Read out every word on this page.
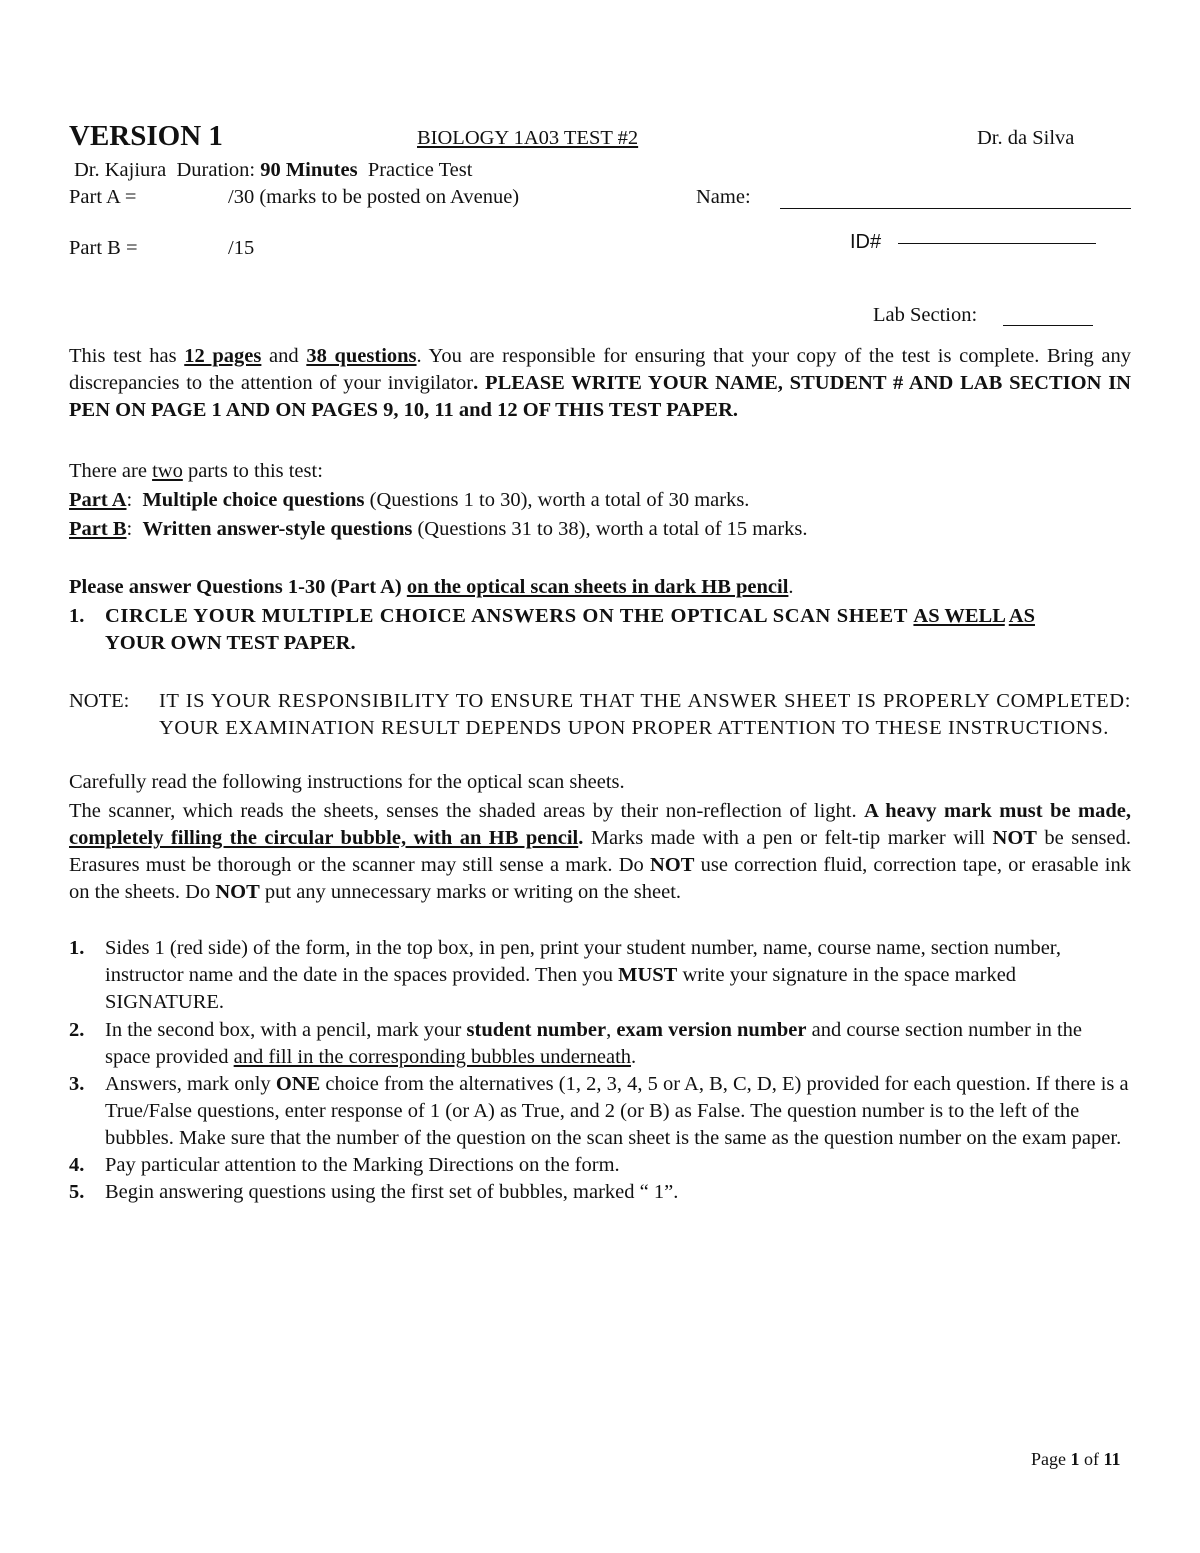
VERSION 1	BIOLOGY 1A03 TEST #2	Dr. da Silva
Dr. Kajiura Duration: 90 Minutes Practice Test
Part A =	/30 (marks to be posted on Avenue)	Name:
Part B =	/15	ID#
Lab Section:
This test has 12 pages and 38 questions. You are responsible for ensuring that your copy of the test is complete. Bring any discrepancies to the attention of your invigilator. PLEASE WRITE YOUR NAME, STUDENT # AND LAB SECTION IN PEN ON PAGE 1 AND ON PAGES 9, 10, 11 and 12 OF THIS TEST PAPER.
There are two parts to this test:
Part A:  Multiple choice questions (Questions 1 to 30), worth a total of 30 marks.
Part B:  Written answer-style questions (Questions 31 to 38), worth a total of 15 marks.
Please answer Questions 1-30 (Part A) on the optical scan sheets in dark HB pencil.
1. CIRCLE YOUR MULTIPLE CHOICE ANSWERS ON THE OPTICAL SCAN SHEET AS WELL AS
YOUR OWN TEST PAPER.
NOTE:	IT IS YOUR RESPONSIBILITY TO ENSURE THAT THE ANSWER SHEET IS PROPERLY COMPLETED: YOUR EXAMINATION RESULT DEPENDS UPON PROPER ATTENTION TO THESE INSTRUCTIONS.
Carefully read the following instructions for the optical scan sheets.
The scanner, which reads the sheets, senses the shaded areas by their non-reflection of light. A heavy mark must be made, completely filling the circular bubble, with an HB pencil. Marks made with a pen or felt-tip marker will NOT be sensed. Erasures must be thorough or the scanner may still sense a mark. Do NOT use correction fluid, correction tape, or erasable ink on the sheets. Do NOT put any unnecessary marks or writing on the sheet.
1. Sides 1 (red side) of the form, in the top box, in pen, print your student number, name, course name, section number, instructor name and the date in the spaces provided. Then you MUST write your signature in the space marked SIGNATURE.
2. In the second box, with a pencil, mark your student number, exam version number and course section number in the space provided and fill in the corresponding bubbles underneath.
3. Answers, mark only ONE choice from the alternatives (1, 2, 3, 4, 5 or A, B, C, D, E) provided for each question. If there is a True/False questions, enter response of 1 (or A) as True, and 2 (or B) as False. The question number is to the left of the bubbles. Make sure that the number of the question on the scan sheet is the same as the question number on the exam paper.
4. Pay particular attention to the Marking Directions on the form.
5. Begin answering questions using the first set of bubbles, marked “ 1”.
Page 1 of 11
